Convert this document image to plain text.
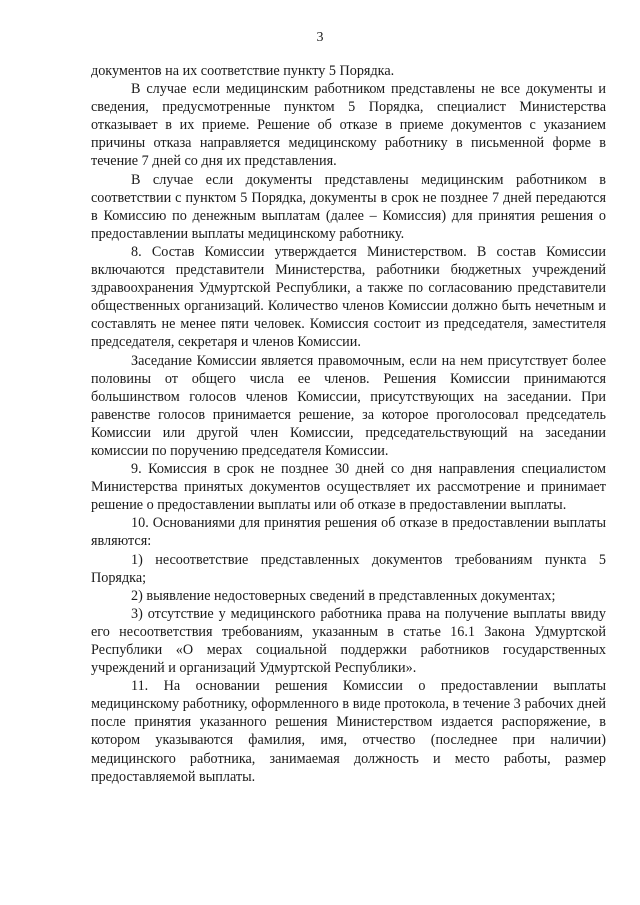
3

документов на их соответствие пункту 5 Порядка.

В случае если медицинским работником представлены не все документы и сведения, предусмотренные пунктом 5 Порядка, специалист Министерства отказывает в их приеме. Решение об отказе в приеме документов с указанием причины отказа направляется медицинскому работнику в письменной форме в течение 7 дней со дня их представления.

В случае если документы представлены медицинским работником в соответствии с пунктом 5 Порядка, документы в срок не позднее 7 дней передаются в Комиссию по денежным выплатам (далее – Комиссия) для принятия решения о предоставлении выплаты медицинскому работнику.

8. Состав Комиссии утверждается Министерством. В состав Комиссии включаются представители Министерства, работники бюджетных учреждений здравоохранения Удмуртской Республики, а также по согласованию представители общественных организаций. Количество членов Комиссии должно быть нечетным и составлять не менее пяти человек. Комиссия состоит из председателя, заместителя председателя, секретаря и членов Комиссии.

Заседание Комиссии является правомочным, если на нем присутствует более половины от общего числа ее членов. Решения Комиссии принимаются большинством голосов членов Комиссии, присутствующих на заседании. При равенстве голосов принимается решение, за которое проголосовал председатель Комиссии или другой член Комиссии, председательствующий на заседании комиссии по поручению председателя Комиссии.

9. Комиссия в срок не позднее 30 дней со дня направления специалистом Министерства принятых документов осуществляет их рассмотрение и принимает решение о предоставлении выплаты или об отказе в предоставлении выплаты.

10. Основаниями для принятия решения об отказе в предоставлении выплаты являются:

1) несоответствие представленных документов требованиям пункта 5 Порядка;

2) выявление недостоверных сведений в представленных документах;

3) отсутствие у медицинского работника права на получение выплаты ввиду его несоответствия требованиям, указанным в статье 16.1 Закона Удмуртской Республики «О мерах социальной поддержки работников государственных учреждений и организаций Удмуртской Республики».

11. На основании решения Комиссии о предоставлении выплаты медицинскому работнику, оформленного в виде протокола, в течение 3 рабочих дней после принятия указанного решения Министерством издается распоряжение, в котором указываются фамилия, имя, отчество (последнее при наличии) медицинского работника, занимаемая должность и место работы, размер предоставляемой выплаты.
